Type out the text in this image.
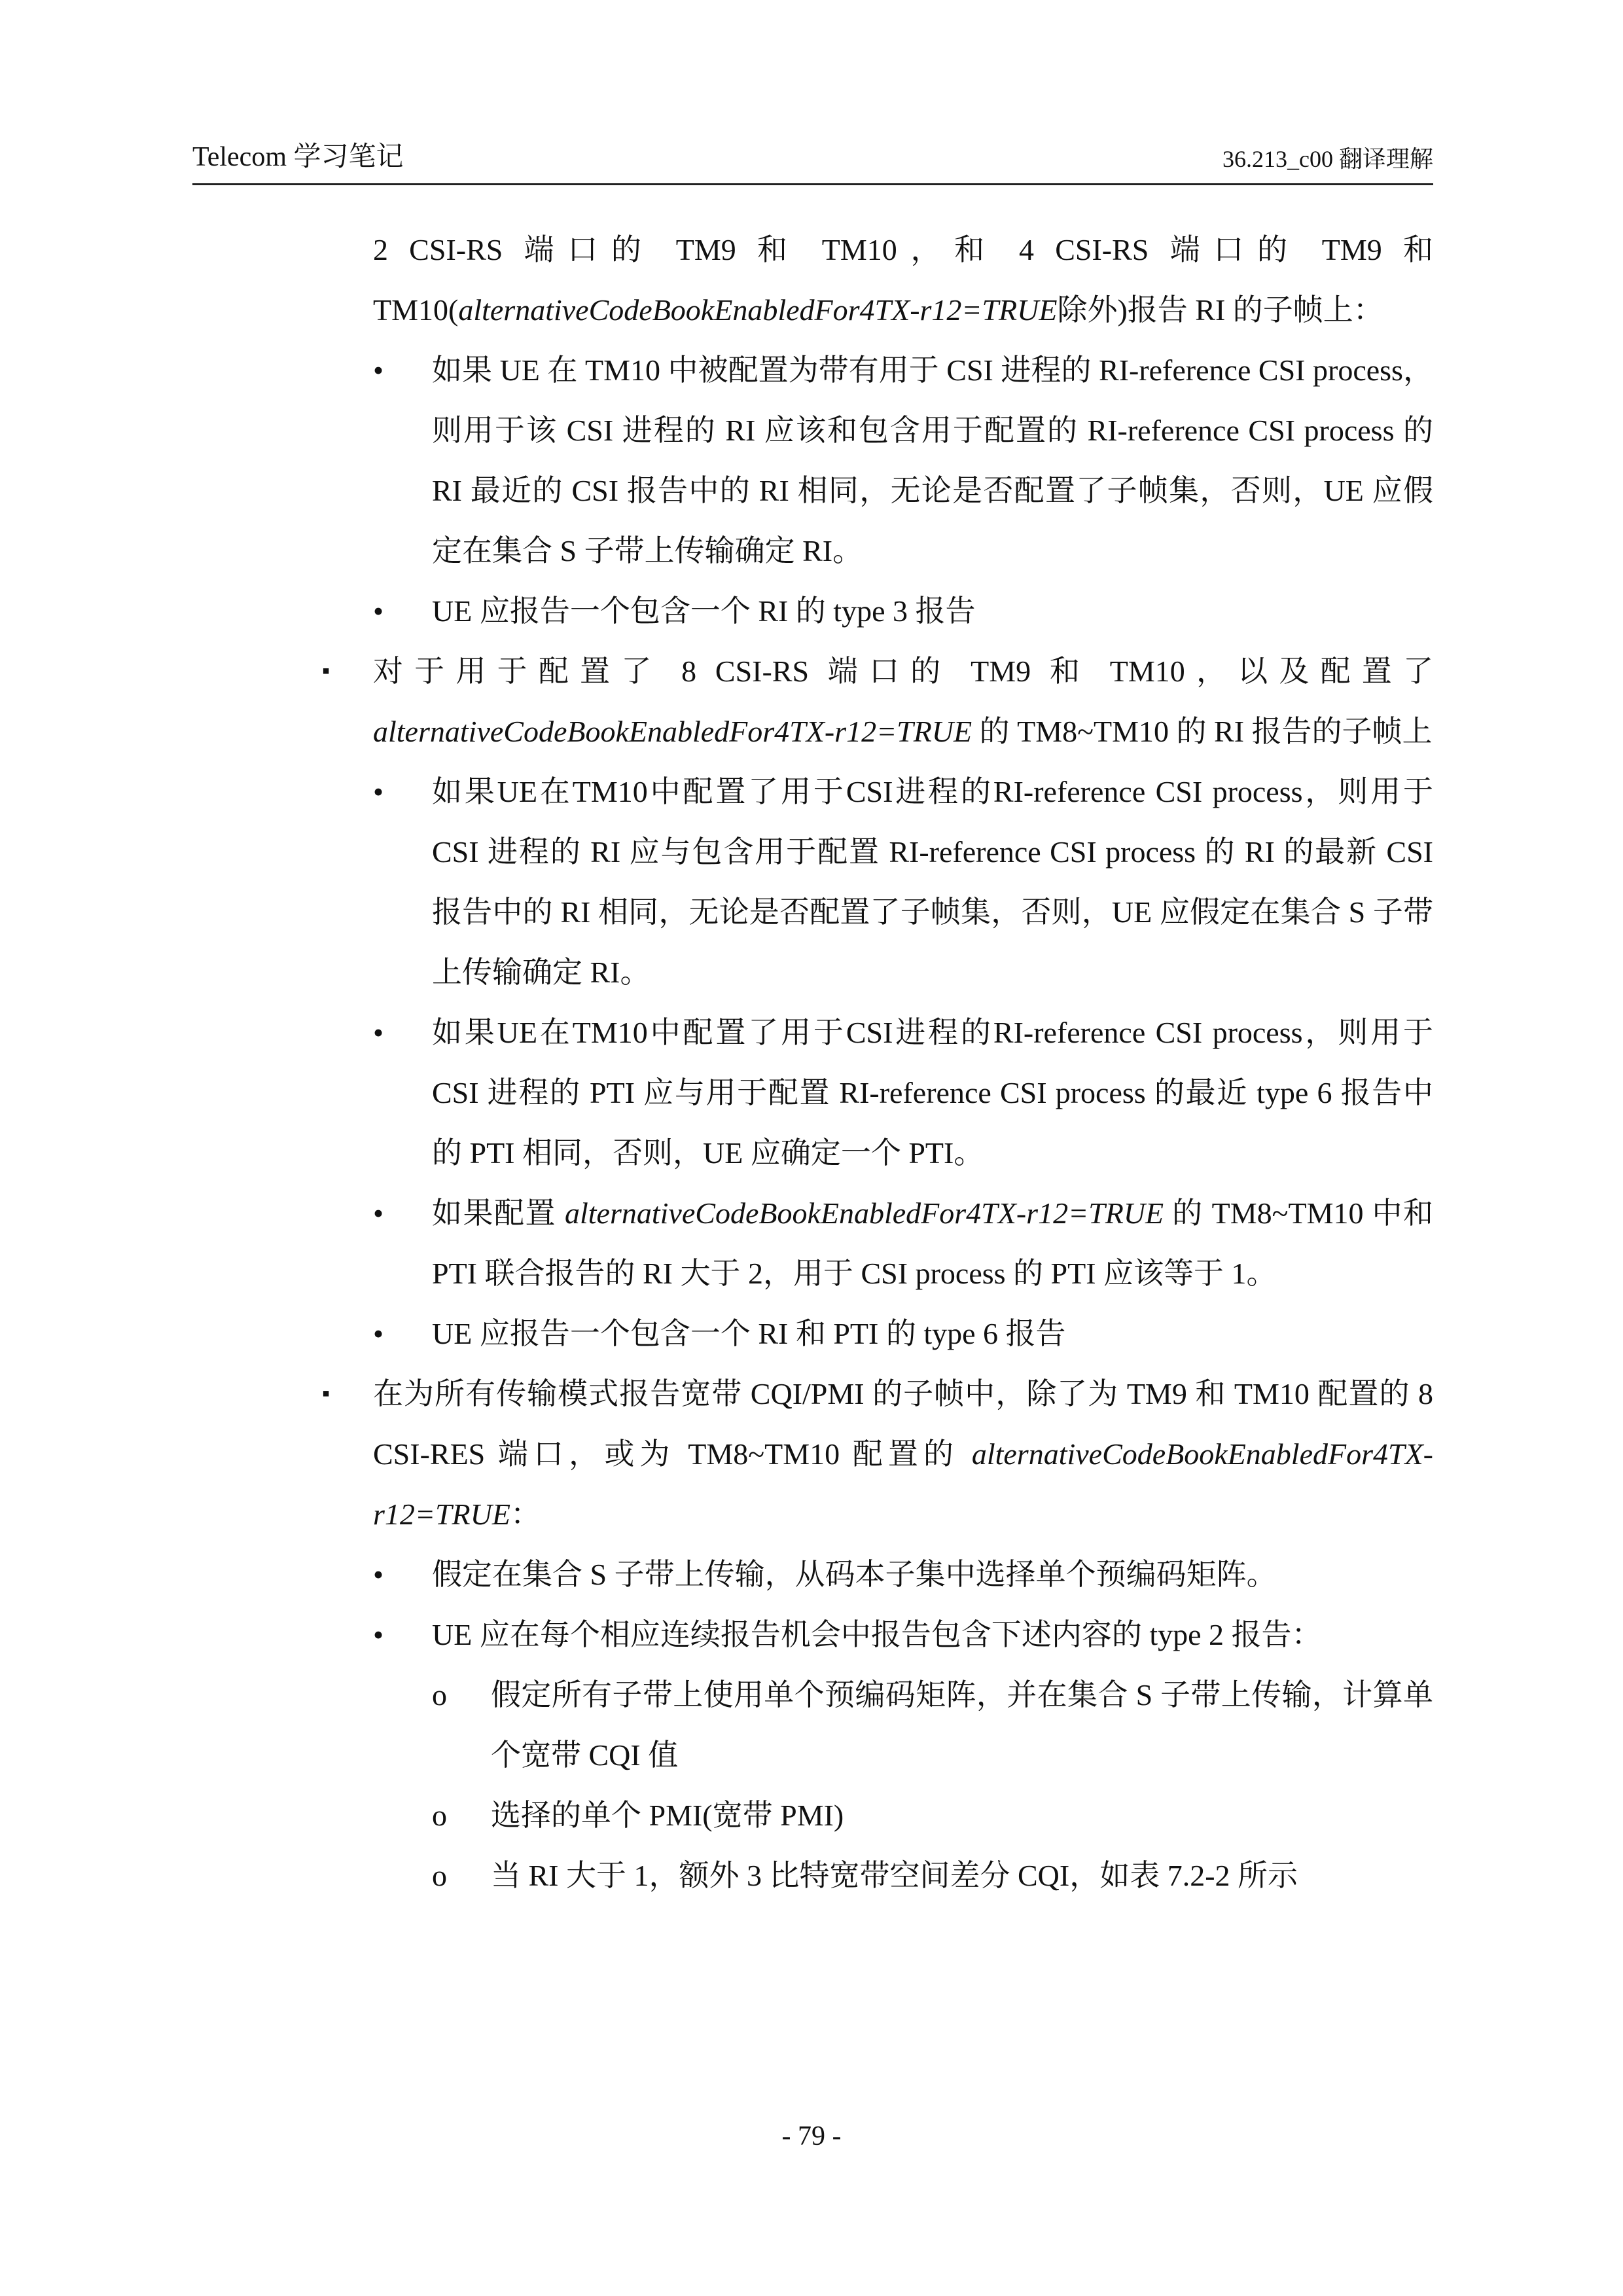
Telecom 学习笔记	36.213_c00 翻译理解

2 CSI-RS 端口的 TM9 和 TM10，和 4 CSI-RS 端口的 TM9 和 TM10(alternativeCodeBookEnabledFor4TX-r12=TRUE除外)报告 RI 的子帧上：

• 如果 UE 在 TM10 中被配置为带有用于 CSI 进程的 RI-reference CSI process，则用于该 CSI 进程的 RI 应该和包含用于配置的 RI-reference CSI process 的 RI 最近的 CSI 报告中的 RI 相同，无论是否配置了子帧集，否则，UE 应假定在集合 S 子带上传输确定 RI。
• UE 应报告一个包含一个 RI 的 type 3 报告
▪ 对于用于配置了 8 CSI-RS 端口的 TM9 和 TM10，以及配置了alternativeCodeBookEnabledFor4TX-r12=TRUE 的 TM8~TM10 的 RI 报告的子帧上
• 如果UE在TM10中配置了用于CSI进程的RI-reference CSI process，则用于 CSI 进程的 RI 应与包含用于配置 RI-reference CSI process 的 RI 的最新 CSI 报告中的 RI 相同，无论是否配置了子帧集，否则，UE 应假定在集合 S 子带上传输确定 RI。
• 如果UE在TM10中配置了用于CSI进程的RI-reference CSI process，则用于 CSI 进程的 PTI 应与用于配置 RI-reference CSI process 的最近 type 6 报告中的 PTI 相同，否则，UE 应确定一个 PTI。
• 如果配置 alternativeCodeBookEnabledFor4TX-r12=TRUE 的 TM8~TM10 中和 PTI 联合报告的 RI 大于 2，用于 CSI process 的 PTI 应该等于 1。
• UE 应报告一个包含一个 RI 和 PTI 的 type 6 报告
▪ 在为所有传输模式报告宽带 CQI/PMI 的子帧中，除了为 TM9 和 TM10 配置的 8 CSI-RES 端口，或为 TM8~TM10 配置的 alternativeCodeBookEnabledFor4TX-r12=TRUE：
• 假定在集合 S 子带上传输，从码本子集中选择单个预编码矩阵。
• UE 应在每个相应连续报告机会中报告包含下述内容的 type 2 报告：
o 假定所有子带上使用单个预编码矩阵，并在集合 S 子带上传输，计算单个宽带 CQI 值
o 选择的单个 PMI(宽带 PMI)
o 当 RI 大于 1，额外 3 比特宽带空间差分 CQI，如表 7.2-2 所示
- 79 -
